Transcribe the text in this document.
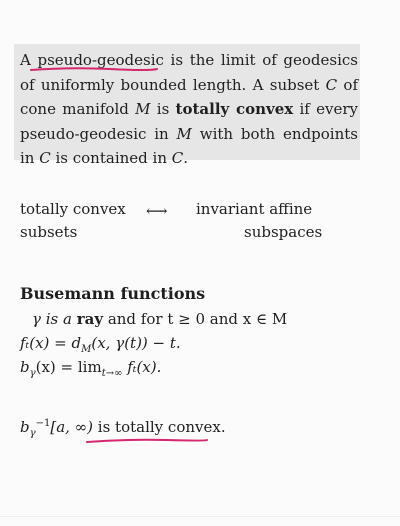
A pseudo-geodesic is the limit of geodesics of uniformly bounded length. A subset C of cone manifold M is totally convex if every pseudo-geodesic in M with both endpoints in C is contained in C.
totally convex ⟷ invariant affine
subsets	subspaces
Busemann functions
γ is a ray and for t ≥ 0 and x ∈ M
$f_t(x) = d_M(x$, γ(t)) − t.
$b_\gamma(x) = \lim_{t\to\infty} f_t(x)$.
$b_\gamma^{-1}[a$, ∞) is totally convex.
